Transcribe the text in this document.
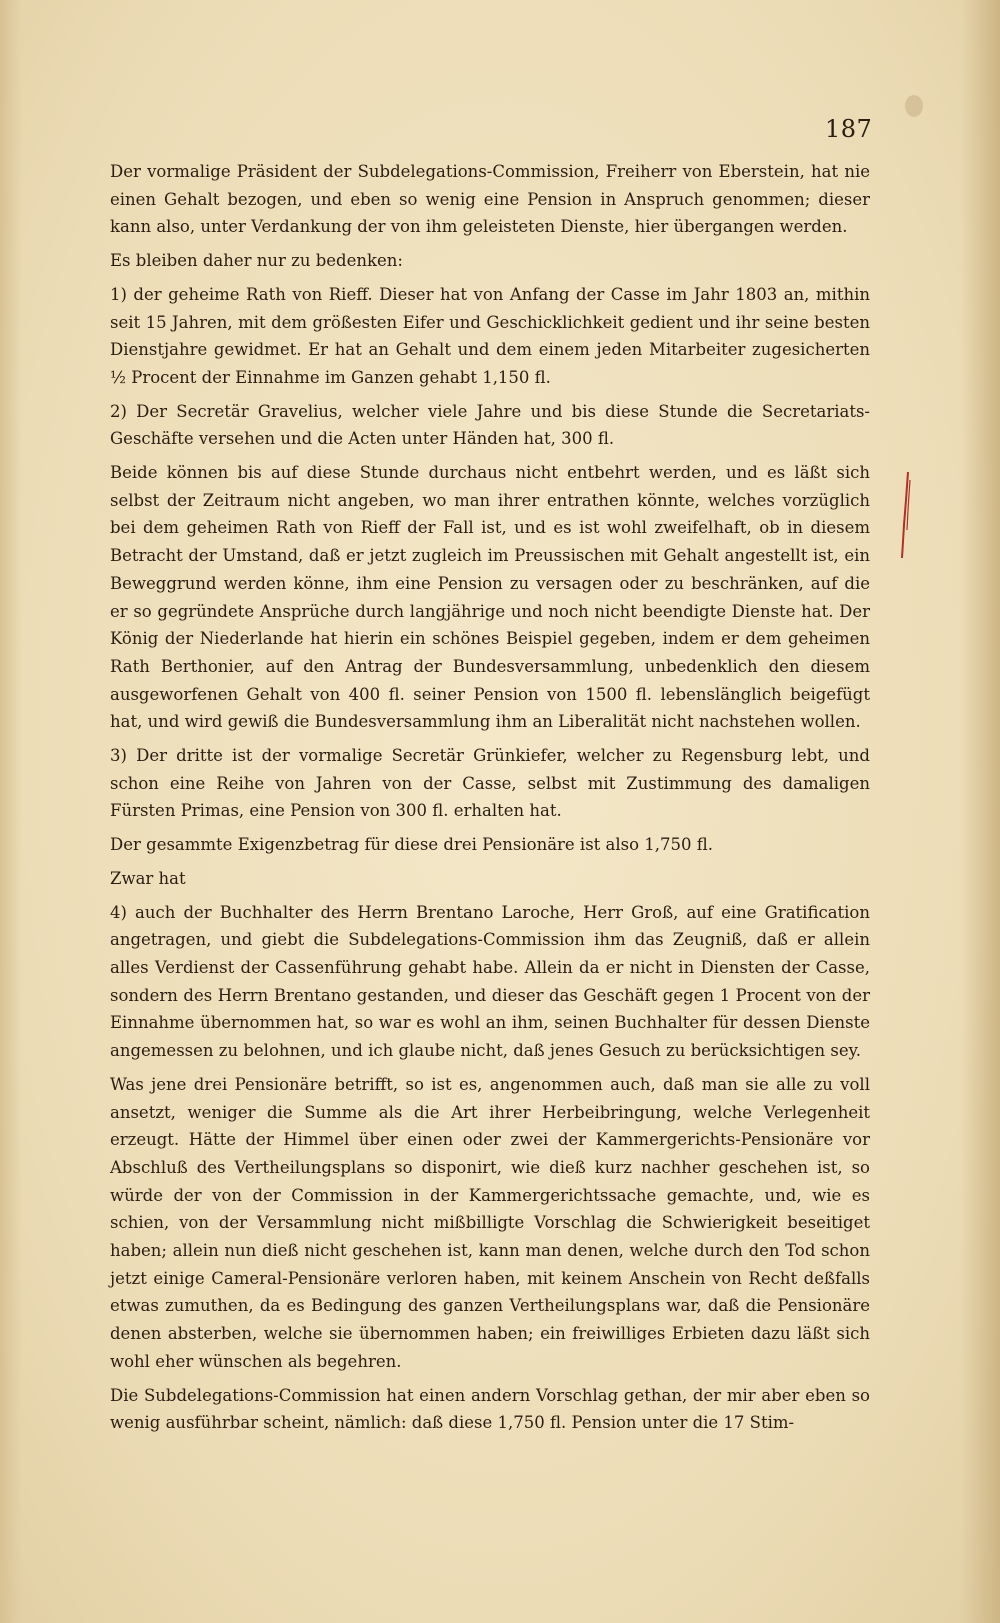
187

Der vormalige Präsident der Subdelegations-Commission, Freiherr von Eberstein, hat nie einen Gehalt bezogen, und eben so wenig eine Pension in Anspruch genommen; dieser kann also, unter Verdankung der von ihm geleisteten Dienste, hier übergangen werden.

Es bleiben daher nur zu bedenken:

1) der geheime Rath von Rieff. Dieser hat von Anfang der Casse im Jahr 1803 an, mithin seit 15 Jahren, mit dem größesten Eifer und Geschicklichkeit gedient und ihr seine besten Dienstjahre gewidmet. Er hat an Gehalt und dem einem jeden Mitarbeiter zugesicherten ½ Procent der Einnahme im Ganzen gehabt 1,150 fl.

2) Der Secretär Gravelius, welcher viele Jahre und bis diese Stunde die Secretariats-Geschäfte versehen und die Acten unter Händen hat, 300 fl.

Beide können bis auf diese Stunde durchaus nicht entbehrt werden, und es läßt sich selbst der Zeitraum nicht angeben, wo man ihrer entrathen könnte, welches vorzüglich bei dem geheimen Rath von Rieff der Fall ist, und es ist wohl zweifelhaft, ob in diesem Betracht der Umstand, daß er jetzt zugleich im Preussischen mit Gehalt angestellt ist, ein Beweggrund werden könne, ihm eine Pension zu versagen oder zu beschränken, auf die er so gegründete Ansprüche durch langjährige und noch nicht beendigte Dienste hat. Der König der Niederlande hat hierin ein schönes Beispiel gegeben, indem er dem geheimen Rath Berthonier, auf den Antrag der Bundesversammlung, unbedenklich den diesem ausgeworfenen Gehalt von 400 fl. seiner Pension von 1500 fl. lebenslänglich beigefügt hat, und wird gewiß die Bundesversammlung ihm an Liberalität nicht nachstehen wollen.

3) Der dritte ist der vormalige Secretär Grünkiefer, welcher zu Regensburg lebt, und schon eine Reihe von Jahren von der Casse, selbst mit Zustimmung des damaligen Fürsten Primas, eine Pension von 300 fl. erhalten hat.

Der gesammte Exigenzbetrag für diese drei Pensionäre ist also 1,750 fl.

Zwar hat

4) auch der Buchhalter des Herrn Brentano Laroche, Herr Groß, auf eine Gratification angetragen, und giebt die Subdelegations-Commission ihm das Zeugniß, daß er allein alles Verdienst der Cassenführung gehabt habe. Allein da er nicht in Diensten der Casse, sondern des Herrn Brentano gestanden, und dieser das Geschäft gegen 1 Procent von der Einnahme übernommen hat, so war es wohl an ihm, seinen Buchhalter für dessen Dienste angemessen zu belohnen, und ich glaube nicht, daß jenes Gesuch zu berücksichtigen sey.

Was jene drei Pensionäre betrifft, so ist es, angenommen auch, daß man sie alle zu voll ansetzt, weniger die Summe als die Art ihrer Herbeibringung, welche Verlegenheit erzeugt. Hätte der Himmel über einen oder zwei der Kammergerichts-Pensionäre vor Abschluß des Vertheilungsplans so disponirt, wie dieß kurz nachher geschehen ist, so würde der von der Commission in der Kammergerichtssache gemachte, und, wie es schien, von der Versammlung nicht mißbilligte Vorschlag die Schwierigkeit beseitiget haben; allein nun dieß nicht geschehen ist, kann man denen, welche durch den Tod schon jetzt einige Cameral-Pensionäre verloren haben, mit keinem Anschein von Recht deßfalls etwas zumuthen, da es Bedingung des ganzen Vertheilungsplans war, daß die Pensionäre denen absterben, welche sie übernommen haben; ein freiwilliges Erbieten dazu läßt sich wohl eher wünschen als begehren.

Die Subdelegations-Commission hat einen andern Vorschlag gethan, der mir aber eben so wenig ausführbar scheint, nämlich: daß diese 1,750 fl. Pension unter die 17 Stim-
